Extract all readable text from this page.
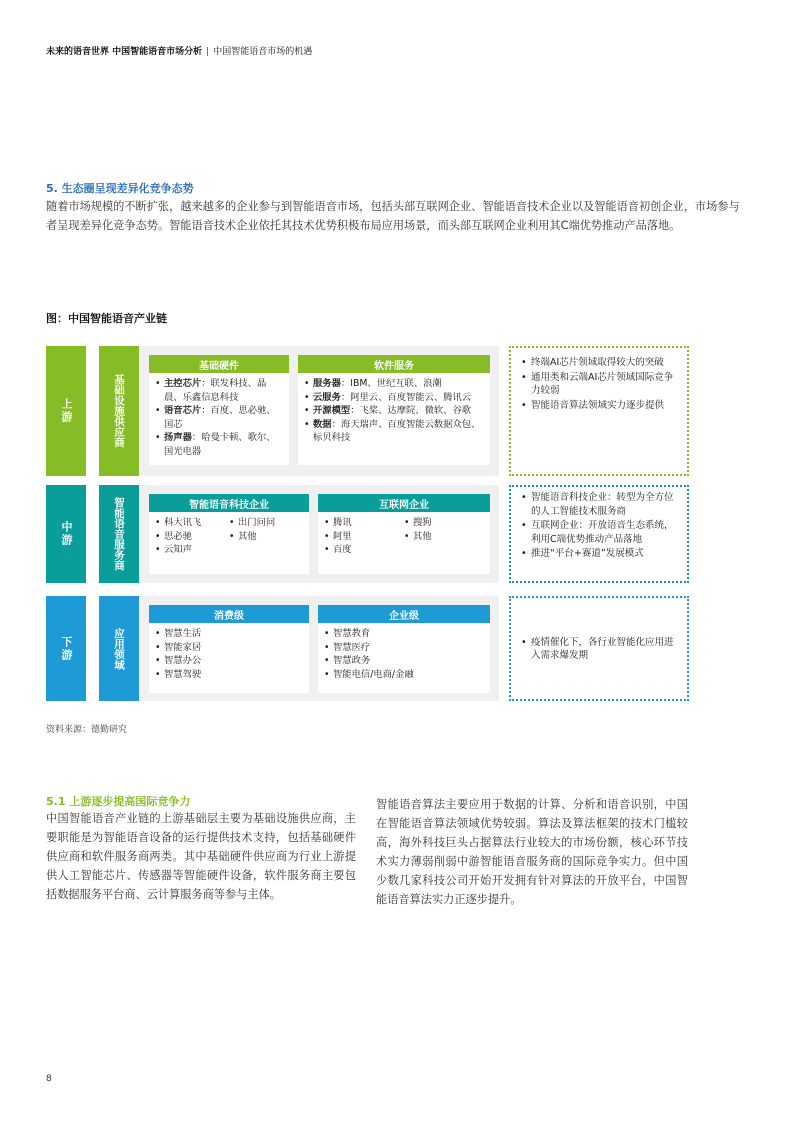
未来的语音世界 中国智能语音市场分析 | 中国智能语音市场的机遇
5. 生态圈呈现差异化竞争态势
随着市场规模的不断扩张，越来越多的企业参与到智能语音市场，包括头部互联网企业、智能语音技术企业以及智能语音初创企业，市场参与者呈现差异化竞争态势。智能语音技术企业依托其技术优势积极布局应用场景，而头部互联网企业利用其C端优势推动产品落地。
图：中国智能语音产业链
上游	基础设施供应商
基础硬件
• 主控芯片：联发科技、晶晨、乐鑫信息科技
• 语音芯片：百度、思必驰、国芯
• 扬声器：哈曼卡顿、歌尔、国光电器
软件服务
• 服务器：IBM、世纪互联、浪潮
• 云服务：阿里云、百度智能云、腾讯云
• 开源模型：飞桨、达摩院、微软、谷歌
• 数据：海天瑞声、百度智能云数据众包、标贝科技
• 终端AI芯片领域取得较大的突破
• 通用类和云端AI芯片领域国际竞争力较弱
• 智能语音算法领域实力逐步提供
中游	智能语音服务商	智能语音科技企业
• 科大讯飞
• 思必驰
• 云知声
• 出门问问
• 其他
互联网企业
• 腾讯
• 阿里
• 百度
• 搜狗
• 其他
• 智能语音科技企业：转型为全方位的人工智能技术服务商
• 互联网企业：开放语音生态系统，利用C端优势推动产品落地
• 推进“平台+赛道”发展模式
下游	应用领域
消费级
• 智慧生活
• 智能家居
• 智慧办公
• 智慧驾驶
企业级
• 智慧教育
• 智慧医疗
• 智慧政务
• 智能电信/电商/金融
• 疫情催化下，各行业智能化应用进入需求爆发期
资料来源：德勤研究
5.1 上游逐步提高国际竞争力
中国智能语音产业链的上游基础层主要为基础设施供应商，主要职能是为智能语音设备的运行提供技术支持，包括基础硬件供应商和软件服务商两类。其中基础硬件供应商为行业上游提供人工智能芯片、传感器等智能硬件设备，软件服务商主要包括数据服务平台商、云计算服务商等参与主体。
智能语音算法主要应用于数据的计算、分析和语音识别，中国在智能语音算法领域优势较弱。算法及算法框架的技术门槛较高，海外科技巨头占据算法行业较大的市场份额，核心环节技术实力薄弱削弱中游智能语音服务商的国际竞争实力。但中国少数几家科技公司开始开发拥有针对算法的开放平台，中国智能语音算法实力正逐步提升。
8
